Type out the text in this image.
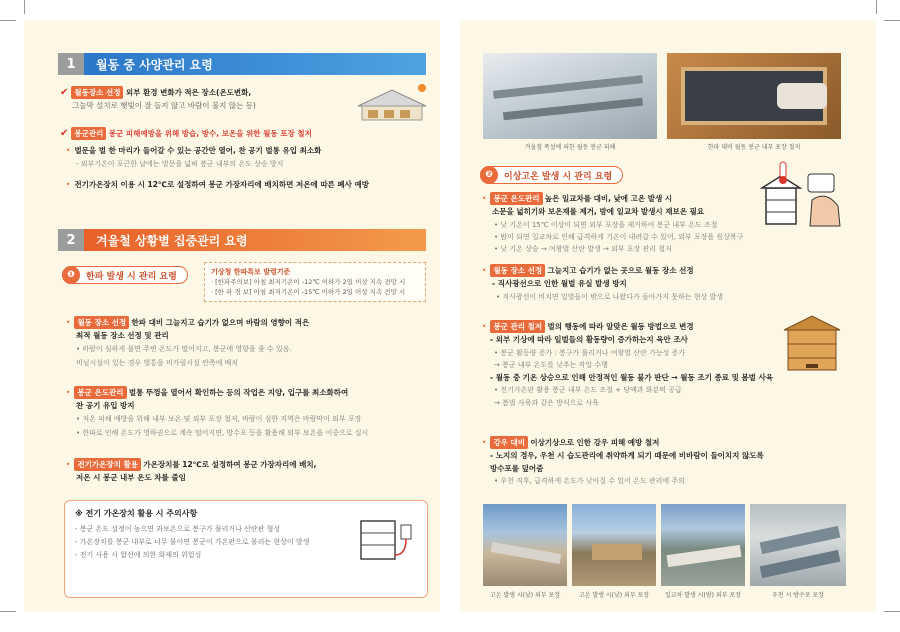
1	월동 중 사양관리 요령
✔ 월동장소 선정 외부 환경 변화가 적은 장소(온도변화,
그늘막 설치로 햇빛이 잘 들지 않고 바람이 불지 않는 등)
✔ 봉군관리 봉군 피해예방을 위해 방습, 방수, 보온을 위한 월동 포장 철저
• 벌문을 벌 한 마리가 들어갈 수 있는 공간만 열어, 찬 공기 벌통 유입 최소화
- 외부기온이 포근한 날에는 벌문을 넓혀 봉군 내부의 온도 상승 방지
• 전기가온장치 이용 시 12℃로 설정하여 봉군 가장자리에 배치하면 저온에 따른 폐사 예방
2	겨울철 상황별 집중관리 요령
❶	한파 발생 시 관리 요령	기상청 한파특보 발령기준
· [한파주의보] 아침 최저기온이 -12℃ 이하가 2일 이상 지속 전망 시
· [한 파 경 보] 아침 최저기온이 -15℃ 이하가 2일 이상 지속 전망 시
• 월동 장소 선정 한파 대비 그늘지고 습기가 없으며 바람의 영향이 적은
최적 월동 장소 선정 및 관리
• 바람이 심하게 불면 주변 온도가 떨어지고, 봉군에 영향을 줄 수 있음.
비닐시설이 있는 경우 벌통을 비가림시설 안쪽에 배치
• 봉군 온도관리 벌통 뚜껑을 열어서 확인하는 등의 작업은 지양, 입구를 최소화하여
찬 공기 유입 방지
• 저온 피해 예방을 위해 내부 보온 및 외부 포장 철저, 바람이 심한 지역은 바람막이 외부 포장
• 한파로 인해 온도가 영하권으로 계속 떨어지면, 방수포 등을 활용해 외부 보온을 이중으로 실시
• 전기가온장치 활용 가온장치를 12℃로 설정하여 봉군 가장자리에 배치,
저온 시 봉군 내부 온도 차를 줄임
※ 전기 가온장치 활용 시 주의사항
- 봉군 온도 설정이 높으면 과보온으로 봉구가 풀리거나 산란관 형성
- 가온장치를 봉군 내부로 너무 붙이면 봉군이 가온판으로 몰리는 현상이 발생
- 전기 사용 시 합선에 의한 화재의 위험성
겨울철 폭설에 의한 월동 봉군 피해	한파 대비 월동 봉군 내부 포장 철저
❷	이상고온 발생 시 관리 요령
• 봉군 온도관리 높은 일교차를 대비, 낮에 고온 발생 시
소문을 넓히기와 보온재를 제거, 밤에 일교차 발생시 재보온 필요
• 낮 기온이 15℃ 이상이 되면 외부 포장을 제거하여 봉군 내부 온도 조절
• 밤이 되면 일교차로 인해 급격하게 기온이 내려갈 수 있어, 외부 포장을 원상복구
• 낮 기온 상승 → 여왕벌 산란 발생 → 외부 포장 관리 철저
• 월동 장소 선정 그늘지고 습기가 없는 곳으로 월동 장소 선정
- 직사광선으로 인한 월벌 유실 발생 방지
• 직사광선이 비치면 일벌들이 밖으로 나왔다가 돌아가지 못하는 현상 발생
• 봉군 관리 철저 벌의 행동에 따라 알맞은 월동 방법으로 변경
- 외부 기상에 따라 일벌들의 활동량이 증가하는지 육안 조사
• 봉군 활동량 증가 : 봉구가 풀리거나 여왕벌 산란 가능성 증가
→ 봉군 내부 온도를 낮추는 작업 수행
- 월동 중 기온 상승으로 인해 안정적인 월동 불가 판단 → 월동 조기 종료 및 봄벌 사육
• 전기가온판 활용 봉군 내부 온도 조절 + 당액과 화분떡 공급
→ 봄벌 사육과 같은 방식으로 사육
• 강우 대비 이상기상으로 인한 강우 피해 예방 철저
- 노지의 경우, 우천 시 습도관리에 취약하게 되기 때문에 비바람이 들이치지 않도록
방수포를 덮어줌
• 우천 직후, 급격하게 온도가 낮아질 수 있어 온도 관리에 주의
고온 발생 시(낮) 외부 포장	고온 발생 시(낮) 외부 포장	일교차 발생 시(밤) 외부 포장	우천 시 방수포 포장
